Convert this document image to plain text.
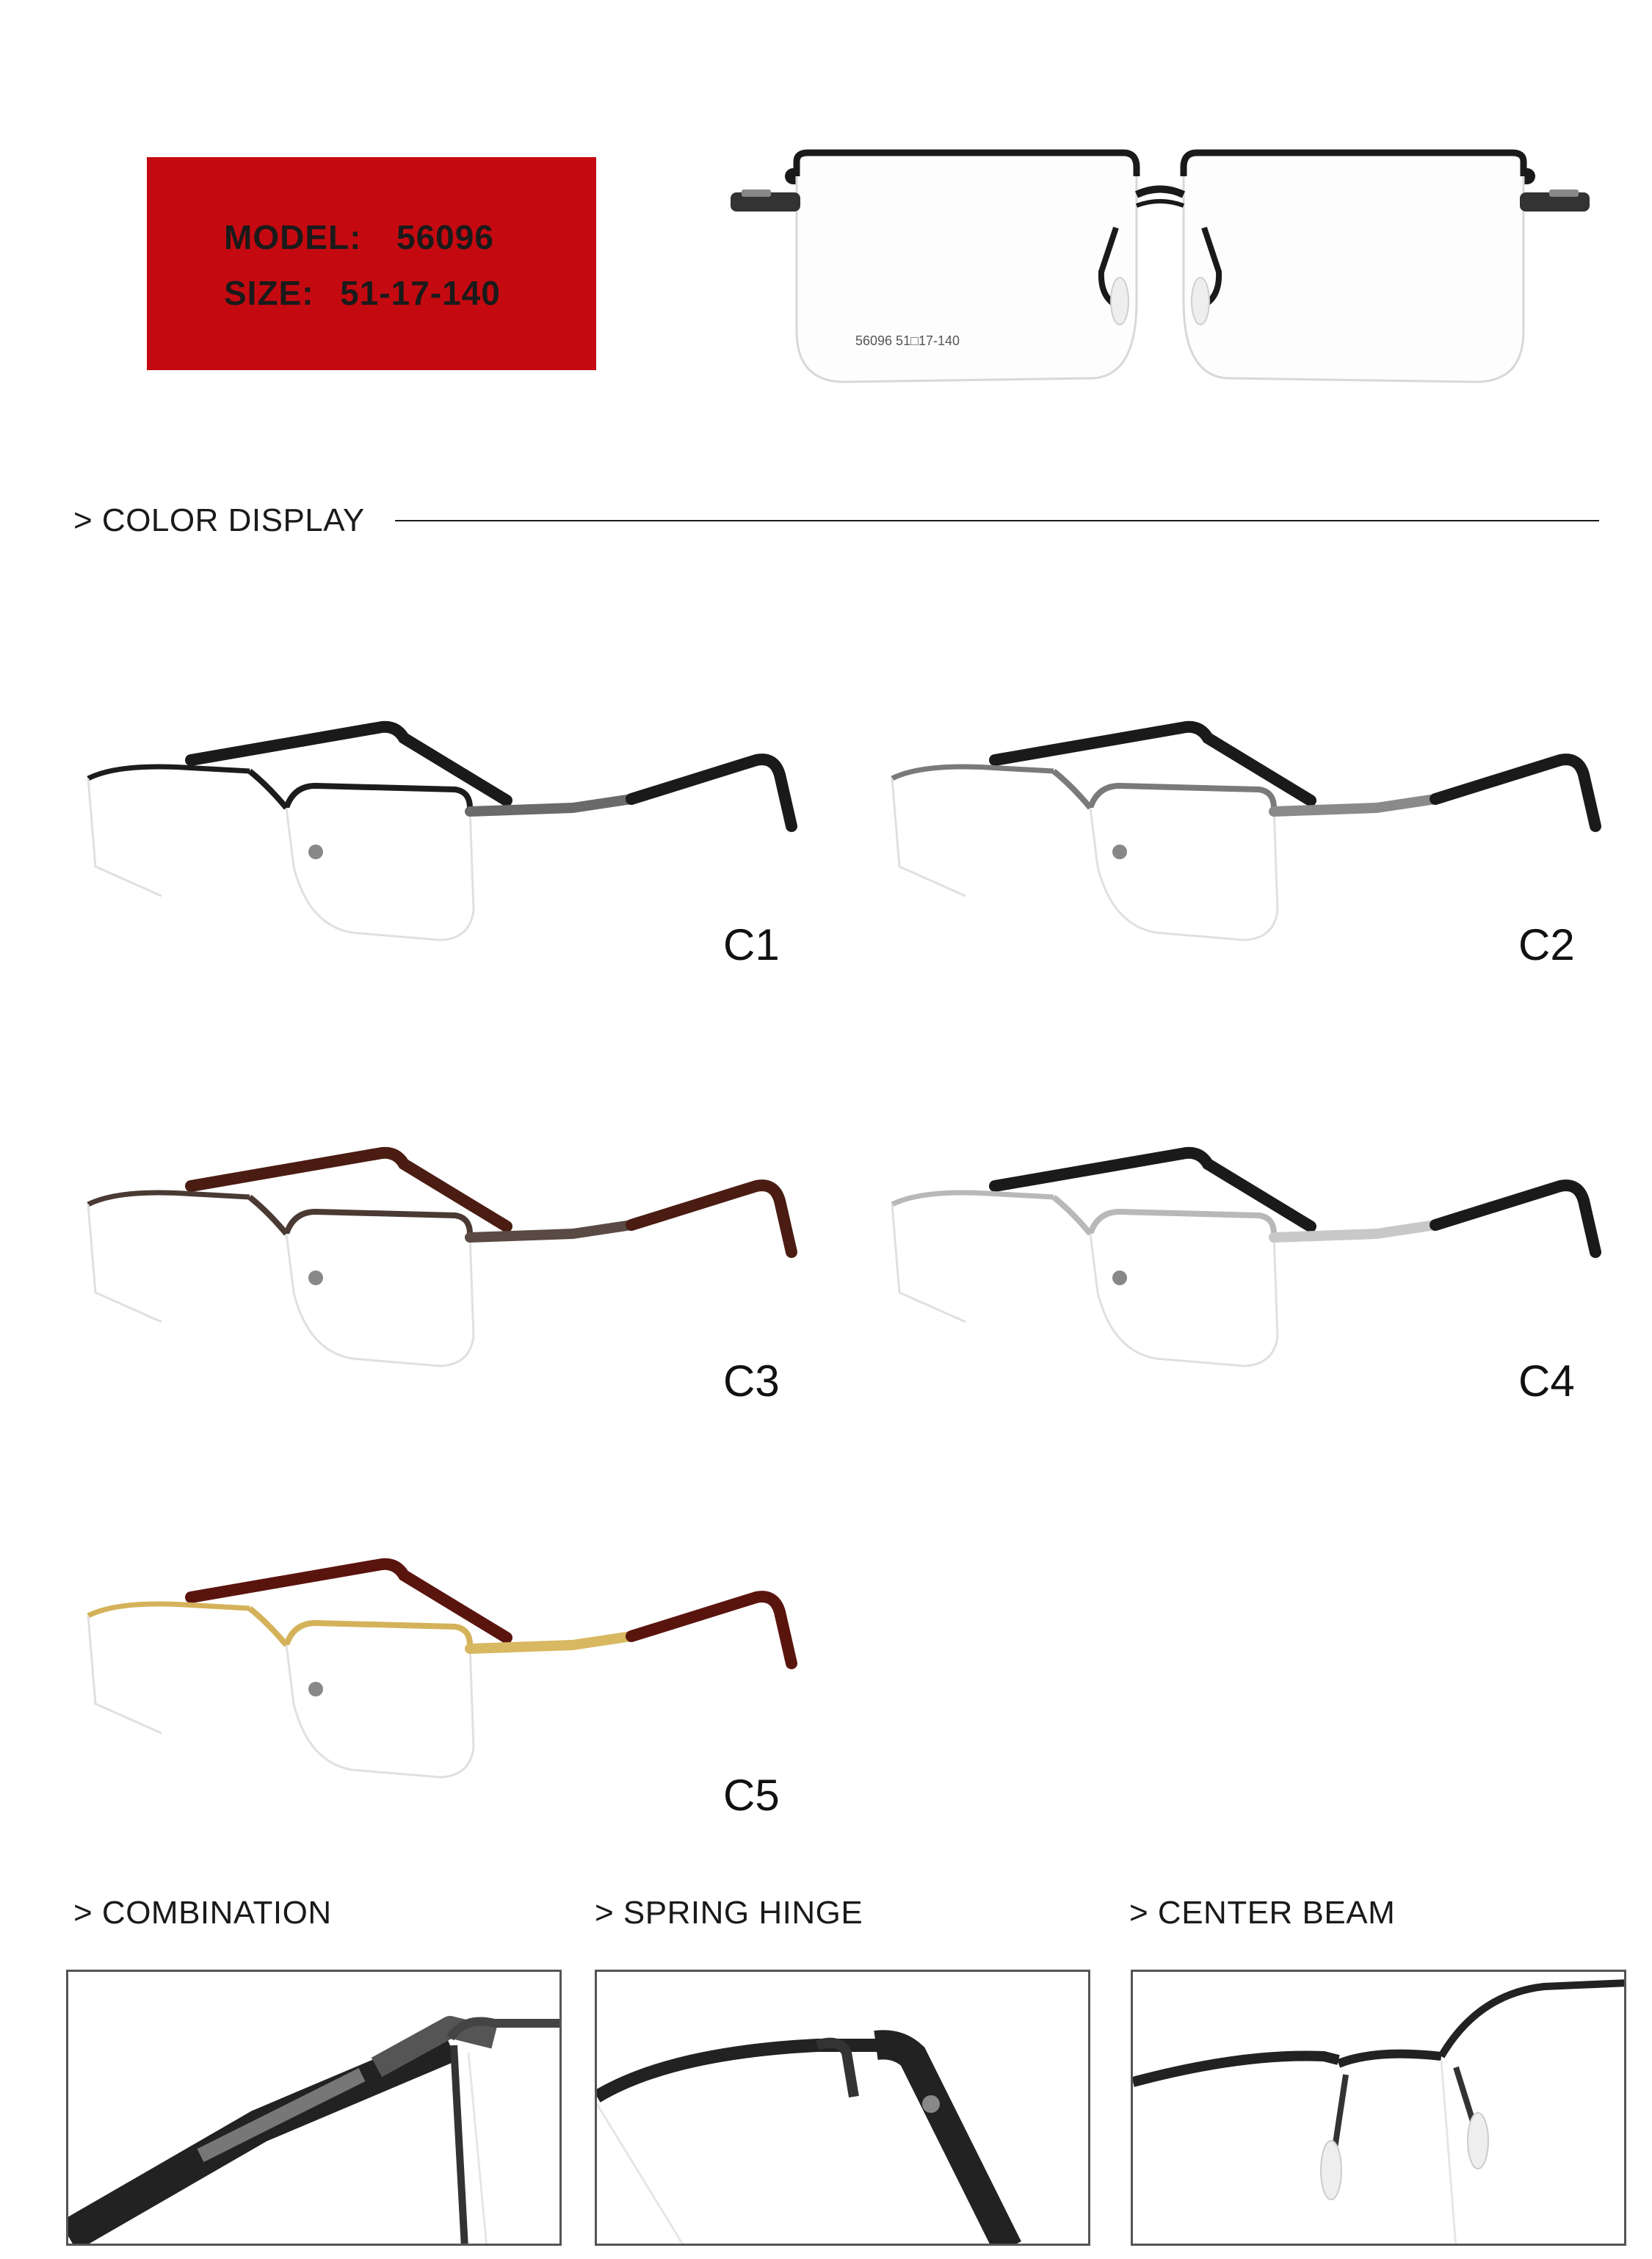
MODEL: 56096
SIZE: 51-17-140
56096 51□17-140
> COLOR DISPLAY
C1	C2
C3	C4
C5
> COMBINATION	> SPRING HINGE	> CENTER BEAM
